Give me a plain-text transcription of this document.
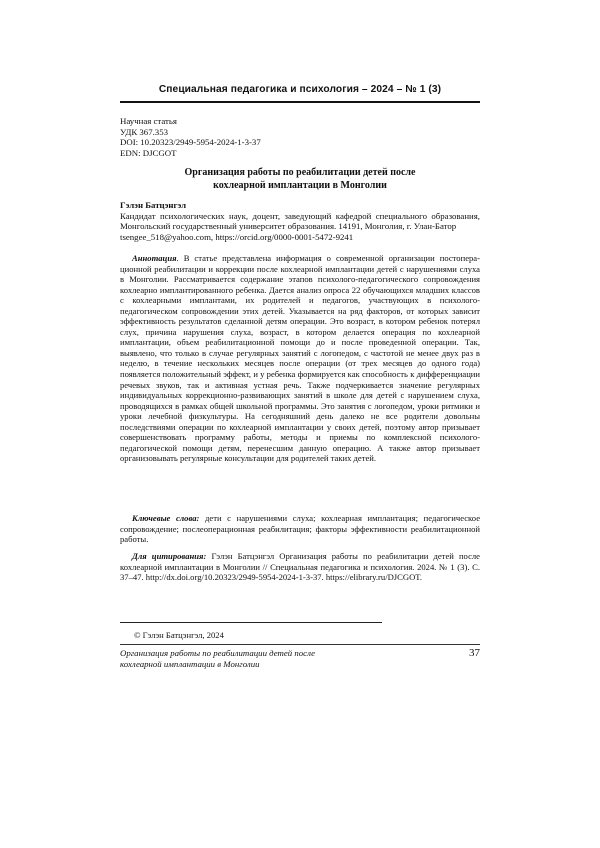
Специальная педагогика и психология – 2024 – № 1 (3)
Научная статья
УДК 367.353
DOI: 10.20323/2949-5954-2024-1-3-37
EDN: DJCGOT
Организация работы по реабилитации детей после
кохлеарной имплантации в Монголии
Гэлэн Батцэнгэл
Кандидат психологических наук, доцент, заведующий кафедрой специального образования, Монгольский государственный университет образования. 14191, Монголия, г. Улан-Батор
tsengee_518@yahoo.com, https://orcid.org/0000-0001-5472-9241

Аннотация. В статье представлена информация о современной организации постоперационной реабилитации и коррекции после кохлеарной имплантации детей с нарушениями слуха в Монголии. Рассматривается содержание этапов психолого-педагогического сопровождения кохлеарно имплантированного ребенка. Дается анализ опроса 22 обучающихся младших классов с кохлеарными имплантами, их родителей и педагогов, участвующих в психолого-педагогическом сопровождении этих детей. Указывается на ряд факторов, от которых зависит эффективность результатов сделанной детям операции. Это возраст, в котором ребенок потерял слух, причина нарушения слуха, возраст, в котором делается операция по кохлеарной имплантации, объем реабилитационной помощи до и после проведенной операции. Так, выявлено, что только в случае регулярных занятий с логопедом, с частотой не менее двух раз в неделю, в течение нескольких месяцев после операции (от трех месяцев до одного года) появляется положительный эффект, и у ребенка формируется как способность к дифференциации речевых звуков, так и активная устная речь. Также подчеркивается значение регулярных индивидуальных коррекционно-развивающих занятий в школе для детей с нарушением слуха, проводящихся в рамках общей школьной программы. Это занятия с логопедом, уроки ритмики и уроки лечебной физкультуры. На сегодняшний день далеко не все родители довольны последствиями операции по кохлеарной имплантации у своих детей, поэтому автор призывает совершенствовать программу работы, методы и приемы по комплексной психолого-педагогической помощи детям, перенесшим данную операцию. А также автор призывает организовывать регулярные консультации для родителей таких детей.

Ключевые слова: дети с нарушениями слуха; кохлеарная имплантация; педагогическое сопровождение; послеоперационная реабилитация; факторы эффективности реабилитационной работы.

Для цитирования: Гэлэн Батцэнгэл Организация работы по реабилитации детей после кохлеарной имплантации в Монголии // Специальная педагогика и психология. 2024. № 1 (3). С. 37–47. http://dx.doi.org/10.20323/2949-5954-2024-1-3-37. https://elibrary.ru/DJCGOT.

© Гэлэн Батцэнгэл, 2024
Организация работы по реабилитации детей после
кохлеарной имплантации в Монголии
37
